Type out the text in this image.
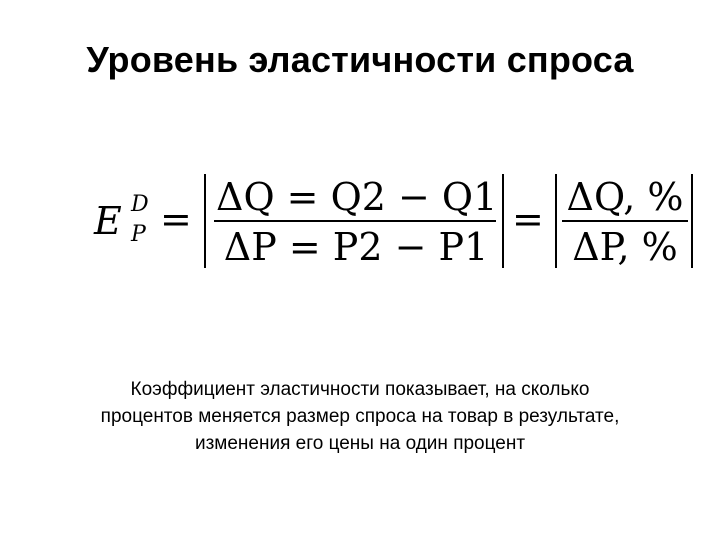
Уровень эластичности спроса
E D
P = ΔQ = Q2 − Q1
ΔP = P2 − P1
= ΔQ, %
ΔP, %
Коэффициент эластичности показывает, на сколько
процентов меняется размер спроса на товар в результате,
изменения его цены на один процент
